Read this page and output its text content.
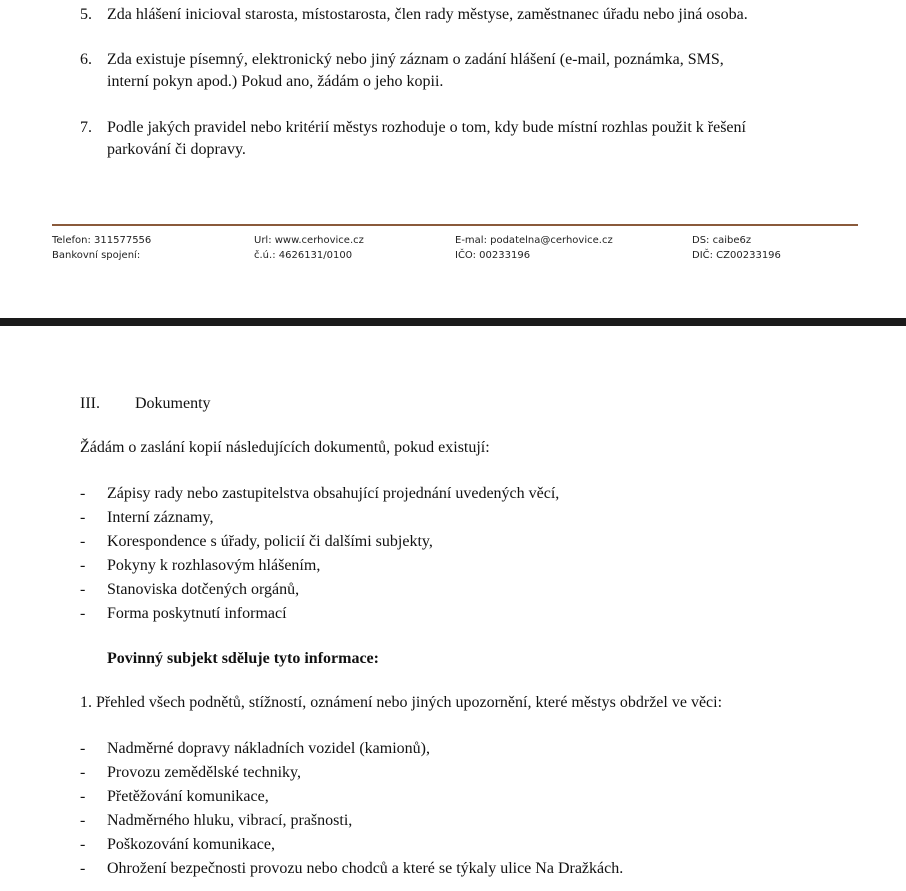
5. Zda hlášení inicioval starosta, místostarosta, člen rady městyse, zaměstnanec úřadu nebo jiná osoba.
6. Zda existuje písemný, elektronický nebo jiný záznam o zadání hlášení (e-mail, poznámka, SMS,
interní pokyn apod.) Pokud ano, žádám o jeho kopii.
7. Podle jakých pravidel nebo kritérií městys rozhoduje o tom, kdy bude místní rozhlas použit k řešení
parkování či dopravy.
Telefon: 311577556
Bankovní spojení:
Url: www.cerhovice.cz
č.ú.: 4626131/0100
E-mal: podatelna@cerhovice.cz
IČO: 00233196
DS: caibe6z
DIČ: CZ00233196
III. Dokumenty
Žádám o zaslání kopií následujících dokumentů, pokud existují:
- Zápisy rady nebo zastupitelstva obsahující projednání uvedených věcí,
- Interní záznamy,
- Korespondence s úřady, policií či dalšími subjekty,
- Pokyny k rozhlasovým hlášením,
- Stanoviska dotčených orgánů,
- Forma poskytnutí informací
Povinný subjekt sděluje tyto informace:
1. Přehled všech podnětů, stížností, oznámení nebo jiných upozornění, které městys obdržel ve věci:
- Nadměrné dopravy nákladních vozidel (kamionů),
- Provozu zemědělské techniky,
- Přetěžování komunikace,
- Nadměrného hluku, vibrací, prašnosti,
- Poškozování komunikace,
- Ohrožení bezpečnosti provozu nebo chodců a které se týkaly ulice Na Dražkách.
